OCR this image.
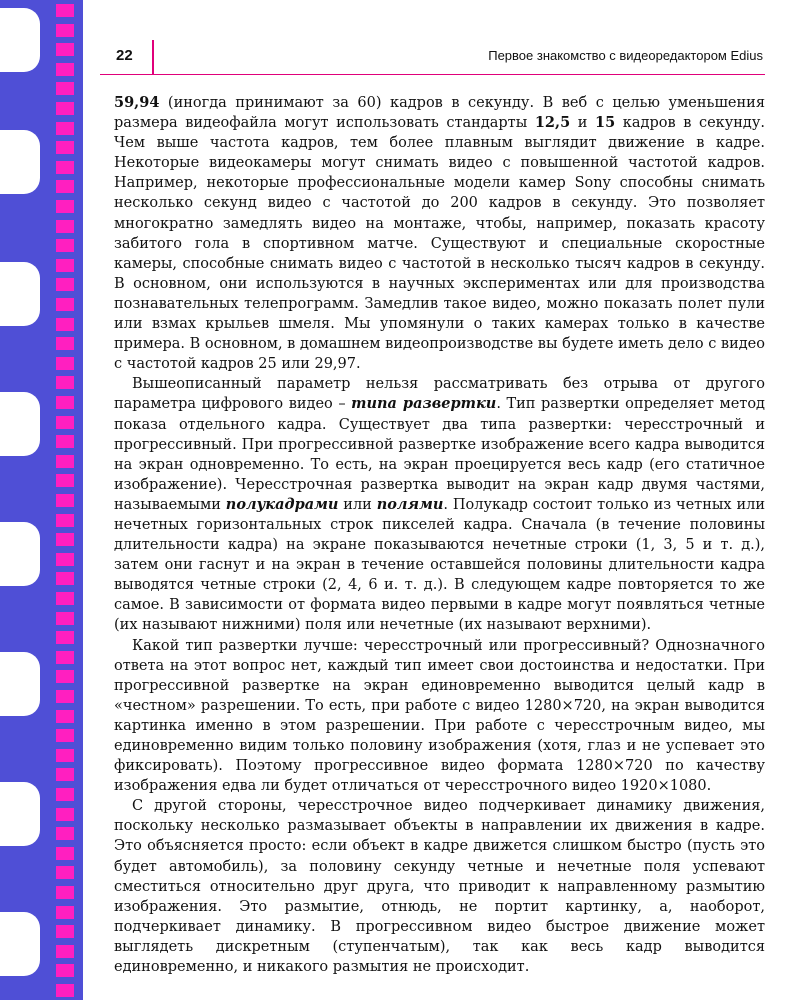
22	Первое знакомство с видеоредактором Edius

59,94 (иногда принимают за 60) кадров в секунду. В веб с целью уменьшения размера видеофайла могут использовать стандарты 12,5 и 15 кадров в секунду. Чем выше частота кадров, тем более плавным выглядит движение в кадре. Некоторые видеокамеры могут снимать видео с повышенной частотой кадров. Например, некоторые профессиональные модели камер Sony способны снимать несколько секунд видео с частотой до 200 кадров в секунду. Это позволяет многократно замедлять видео на монтаже, чтобы, например, показать красоту забитого гола в спортивном матче. Существуют и специальные скоростные камеры, способные снимать видео с частотой в несколько тысяч кадров в секунду. В основном, они используются в научных экспериментах или для производства познавательных телепрограмм. Замедлив такое видео, можно показать полет пули или взмах крыльев шмеля. Мы упомянули о таких камерах только в качестве примера. В основном, в домашнем видеопроизводстве вы будете иметь дело с видео с частотой кадров 25 или 29,97.

Вышеописанный параметр нельзя рассматривать без отрыва от другого параметра цифрового видео – типа развертки. Тип развертки определяет метод показа отдельного кадра. Существует два типа развертки: чересстрочный и прогрессивный. При прогрессивной развертке изображение всего кадра выводится на экран одновременно. То есть, на экран проецируется весь кадр (его статичное изображение). Чересстрочная развертка выводит на экран кадр двумя частями, называемыми полукадрами или полями. Полукадр состоит только из четных или нечетных горизонтальных строк пикселей кадра. Сначала (в течение половины длительности кадра) на экране показываются нечетные строки (1, 3, 5 и т. д.), затем они гаснут и на экран в течение оставшейся половины длительности кадра выводятся четные строки (2, 4, 6 и. т. д.). В следующем кадре повторяется то же самое. В зависимости от формата видео первыми в кадре могут появляться четные (их называют нижними) поля или нечетные (их называют верхними).

Какой тип развертки лучше: чересстрочный или прогрессивный? Однозначного ответа на этот вопрос нет, каждый тип имеет свои достоинства и недостатки. При прогрессивной развертке на экран единовременно выводится целый кадр в «честном» разрешении. То есть, при работе с видео 1280×720, на экран выводится картинка именно в этом разрешении. При работе с чересстрочным видео, мы единовременно видим только половину изображения (хотя, глаз и не успевает это фиксировать). Поэтому прогрессивное видео формата 1280×720 по качеству изображения едва ли будет отличаться от чересстрочного видео 1920×1080.

С другой стороны, чересстрочное видео подчеркивает динамику движения, поскольку несколько размазывает объекты в направлении их движения в кадре. Это объясняется просто: если объект в кадре движется слишком быстро (пусть это будет автомобиль), за половину секунду четные и нечетные поля успевают сместиться относительно друг друга, что приводит к направленному размытию изображения. Это размытие, отнюдь, не портит картинку, а, наоборот, подчеркивает динамику. В прогрессивном видео быстрое движение может выглядеть дискретным (ступенчатым), так как весь кадр выводится единовременно, и никакого размытия не происходит.
